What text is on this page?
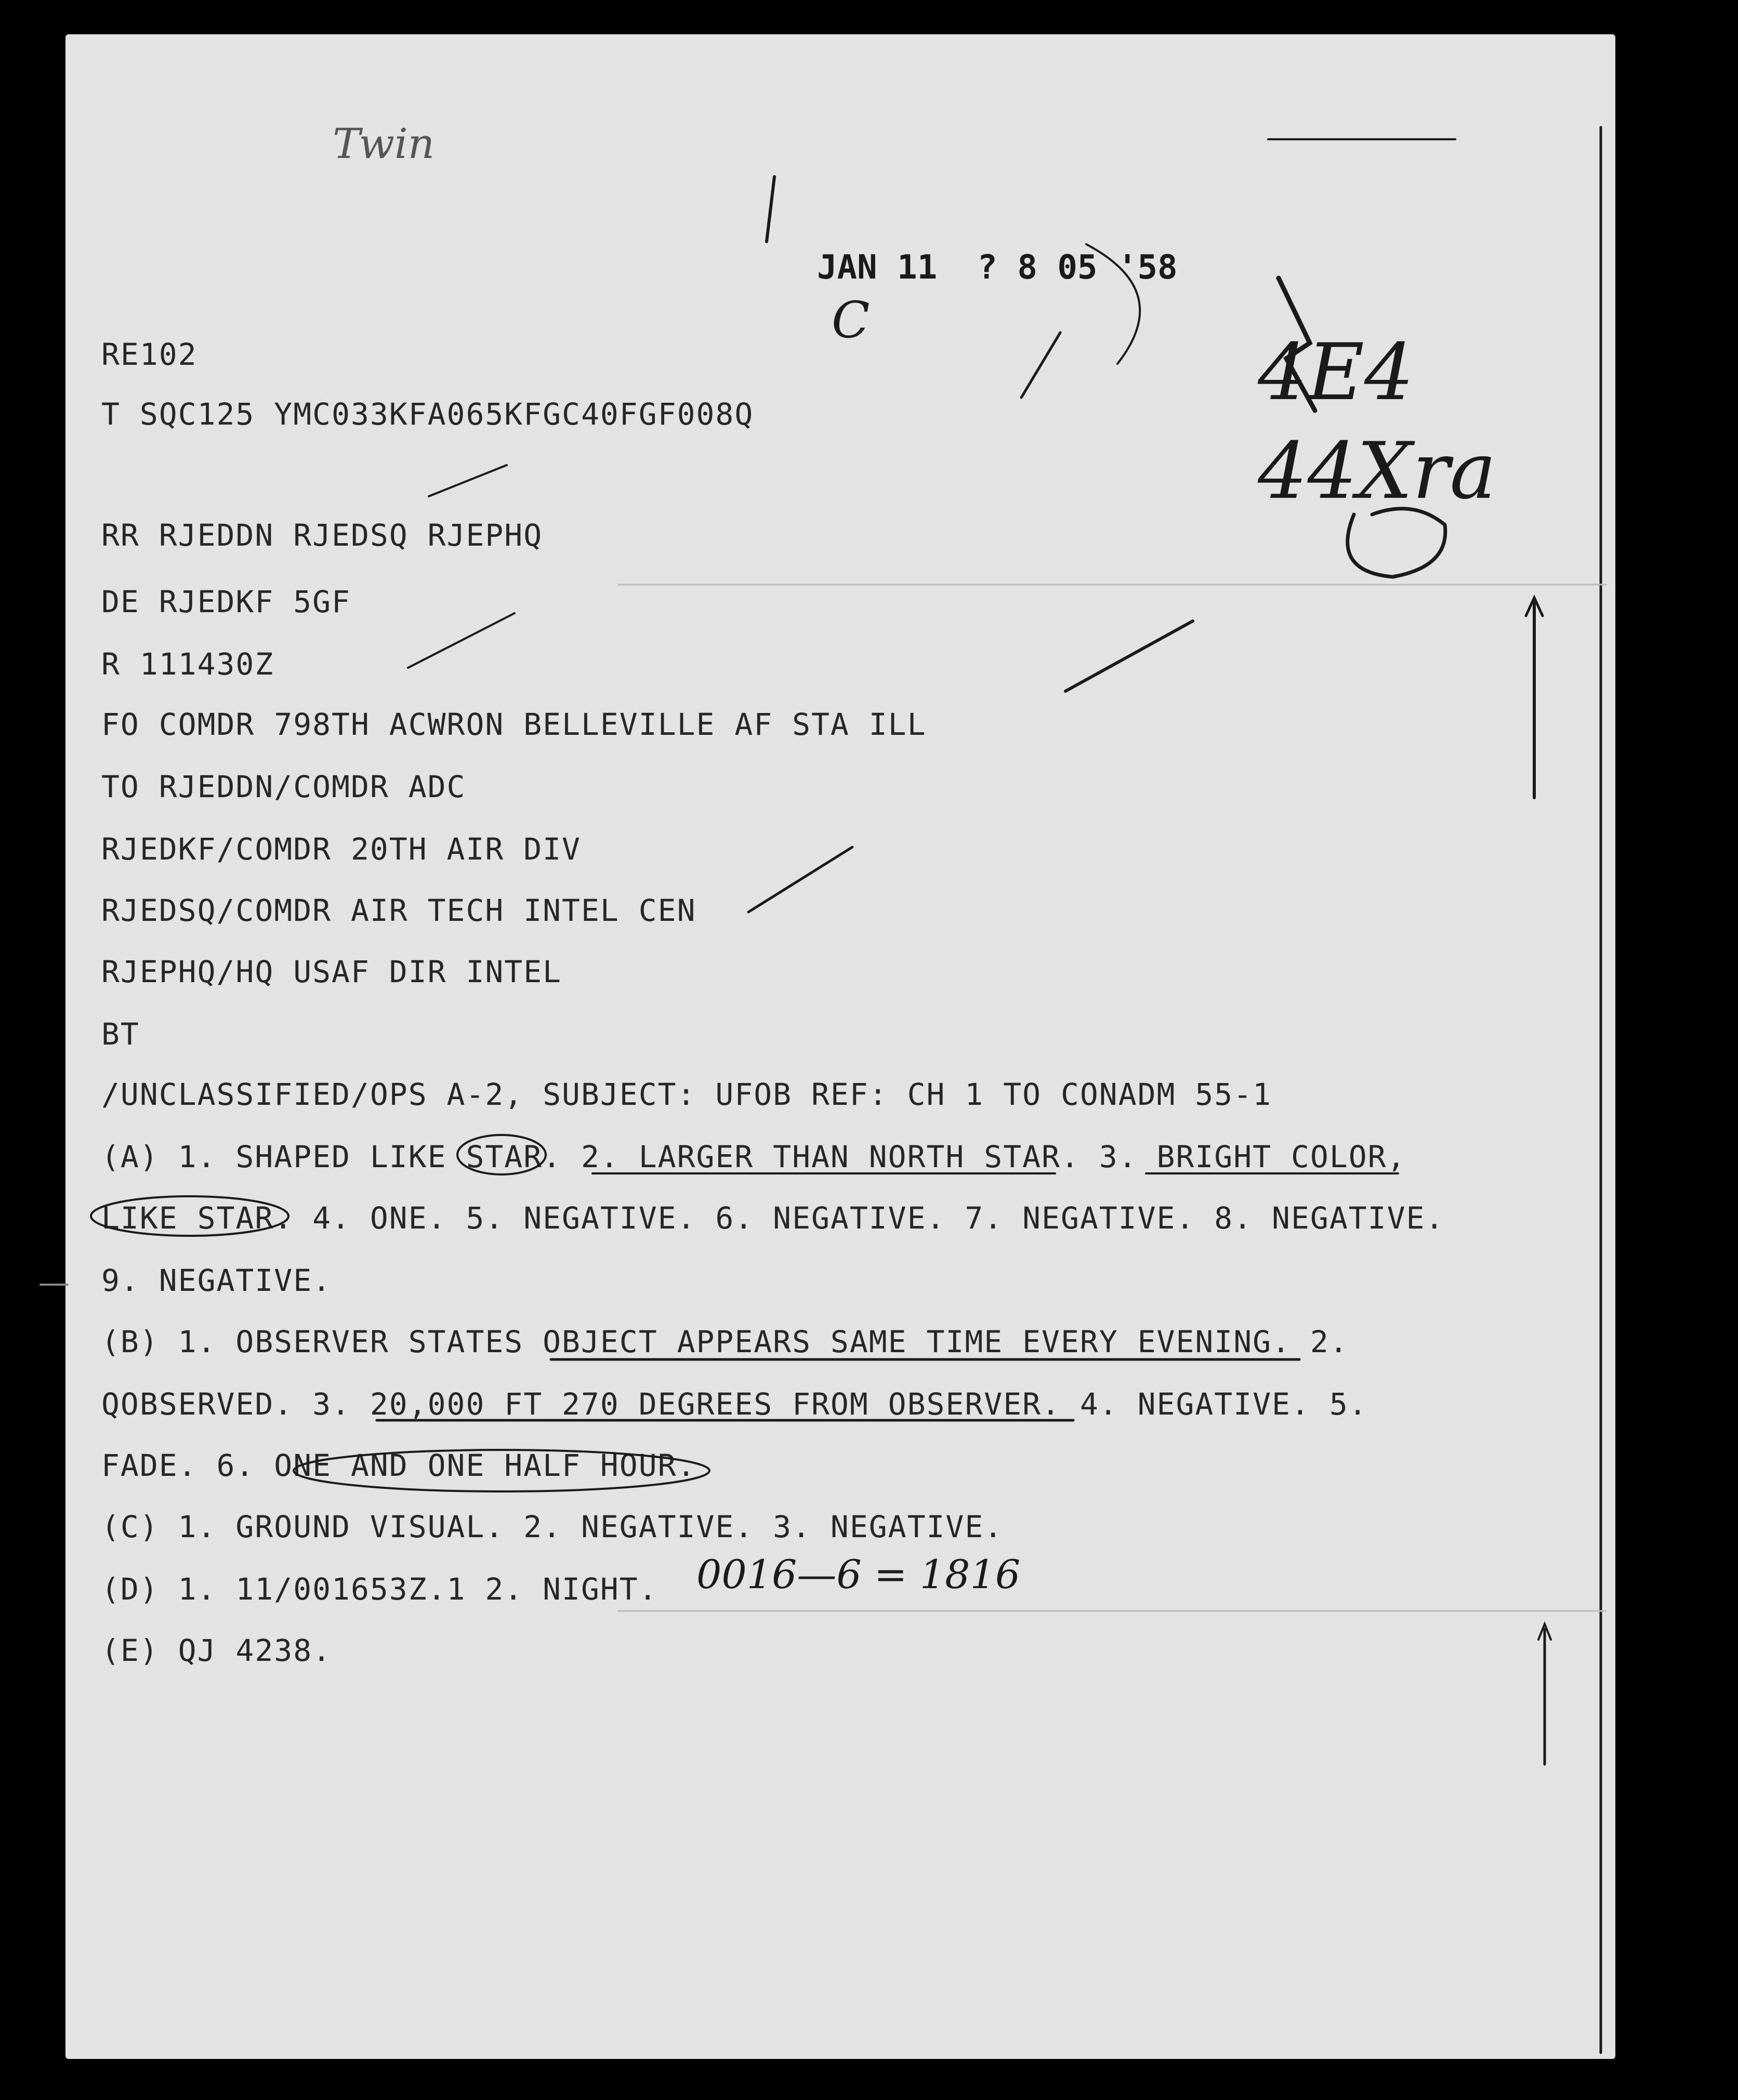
Twin
JAN 11  ? 8 05 '58
C
4E4
44Xra
0016—6 = 1816
RE102
T SQC125 YMC033KFA065KFGC40FGF008Q
RR RJEDDN RJEDSQ RJEPHQ
DE RJEDKF 5GF
R 111430Z
FO COMDR 798TH ACWRON BELLEVILLE AF STA ILL
TO RJEDDN/COMDR ADC
RJEDKF/COMDR 20TH AIR DIV
RJEDSQ/COMDR AIR TECH INTEL CEN
RJEPHQ/HQ USAF DIR INTEL
BT
/UNCLASSIFIED/OPS A-2, SUBJECT: UFOB REF: CH 1 TO CONADM 55-1
(A) 1. SHAPED LIKE STAR. 2. LARGER THAN NORTH STAR. 3. BRIGHT COLOR,
LIKE STAR. 4. ONE. 5. NEGATIVE. 6. NEGATIVE. 7. NEGATIVE. 8. NEGATIVE.
9. NEGATIVE.
(B) 1. OBSERVER STATES OBJECT APPEARS SAME TIME EVERY EVENING. 2.
QOBSERVED. 3. 20,000 FT 270 DEGREES FROM OBSERVER. 4. NEGATIVE. 5.
FADE. 6. ONE AND ONE HALF HOUR.
(C) 1. GROUND VISUAL. 2. NEGATIVE. 3. NEGATIVE.
(D) 1. 11/001653Z.1 2. NIGHT.
(E) QJ 4238.
